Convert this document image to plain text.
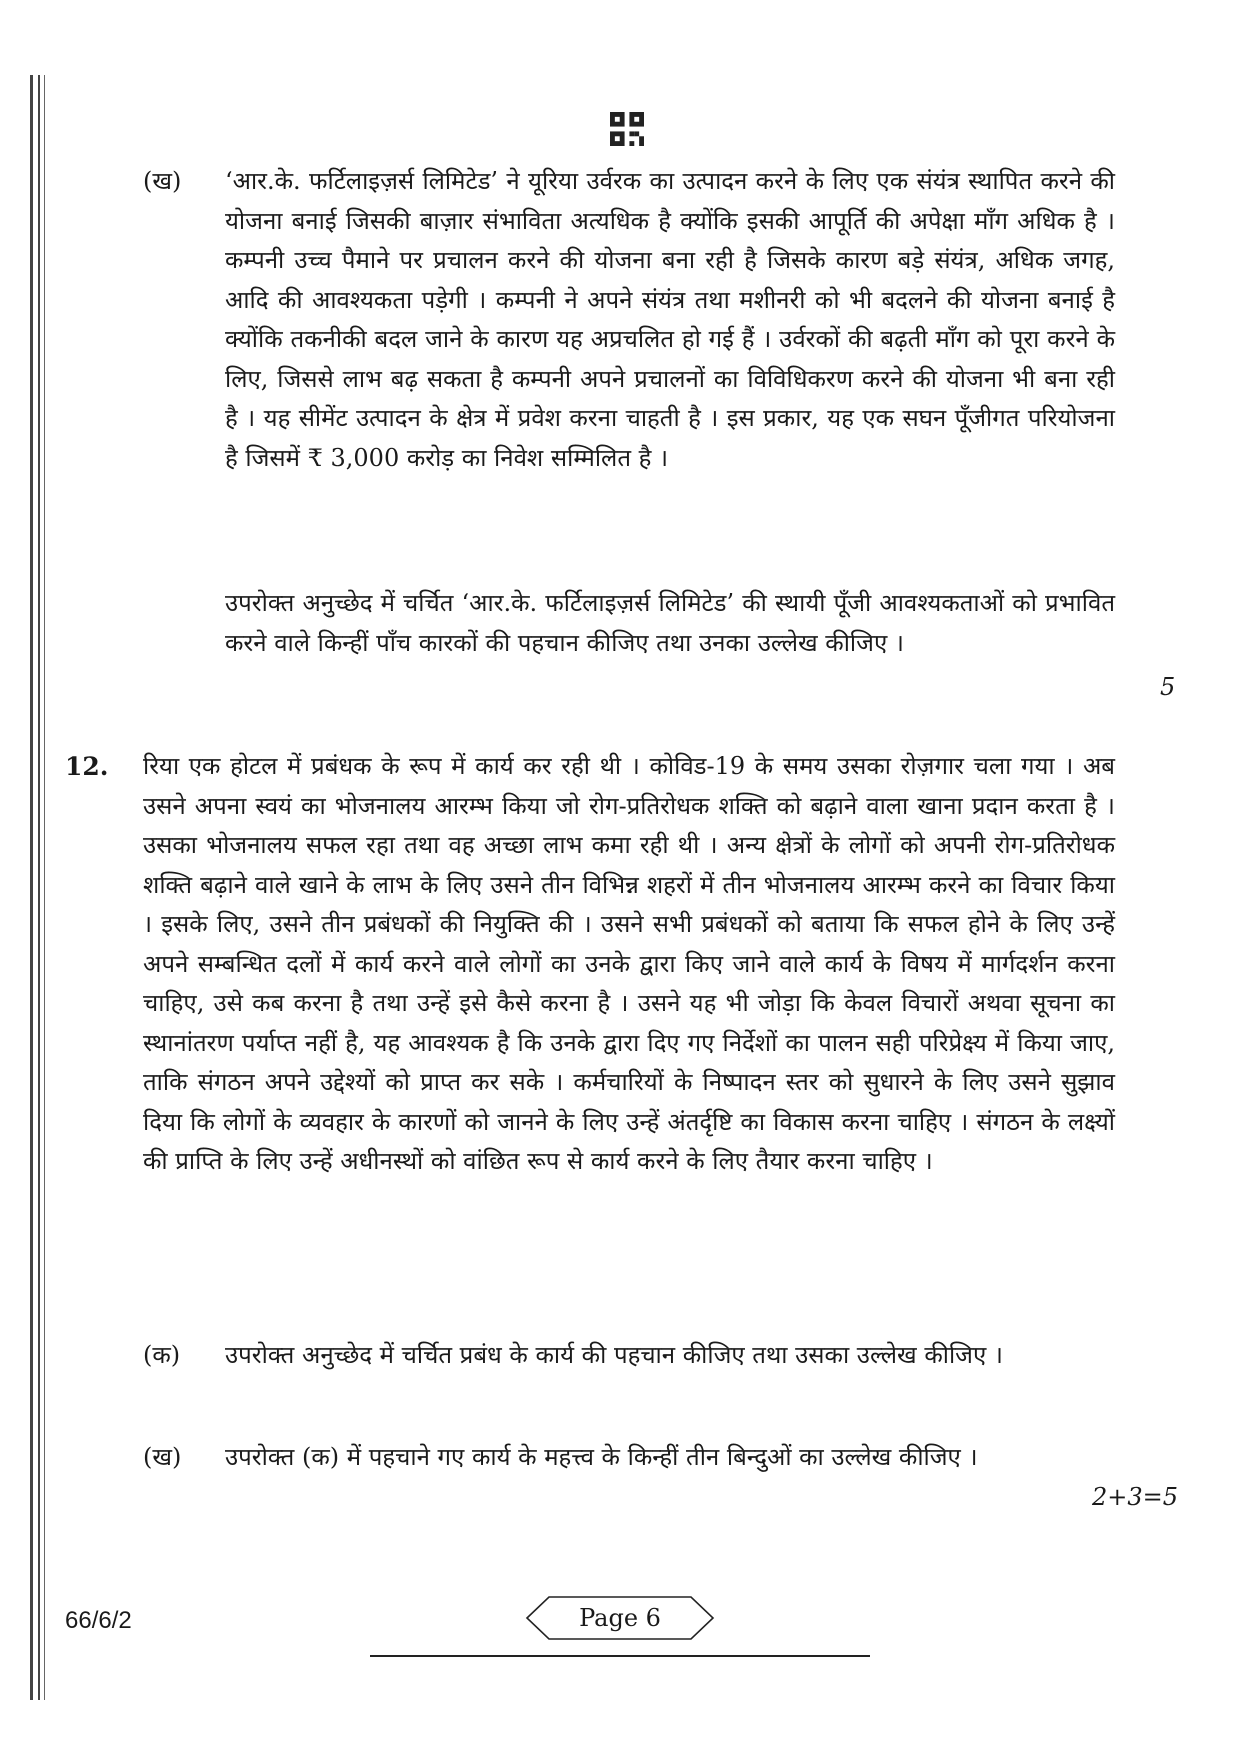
(ख) ‘आर.के. फर्टिलाइज़र्स लिमिटेड’ ने यूरिया उर्वरक का उत्पादन करने के लिए एक संयंत्र स्थापित करने की योजना बनाई जिसकी बाज़ार संभाविता अत्यधिक है क्योंकि इसकी आपूर्ति की अपेक्षा माँग अधिक है । कम्पनी उच्च पैमाने पर प्रचालन करने की योजना बना रही है जिसके कारण बड़े संयंत्र, अधिक जगह, आदि की आवश्यकता पड़ेगी । कम्पनी ने अपने संयंत्र तथा मशीनरी को भी बदलने की योजना बनाई है क्योंकि तकनीकी बदल जाने के कारण यह अप्रचलित हो गई हैं । उर्वरकों की बढ़ती माँग को पूरा करने के लिए, जिससे लाभ बढ़ सकता है कम्पनी अपने प्रचालनों का विविधिकरण करने की योजना भी बना रही है । यह सीमेंट उत्पादन के क्षेत्र में प्रवेश करना चाहती है । इस प्रकार, यह एक सघन पूँजीगत परियोजना है जिसमें ₹ 3,000 करोड़ का निवेश सम्मिलित है ।

उपरोक्त अनुच्छेद में चर्चित ‘आर.के. फर्टिलाइज़र्स लिमिटेड’ की स्थायी पूँजी आवश्यकताओं को प्रभावित करने वाले किन्हीं पाँच कारकों की पहचान कीजिए तथा उनका उल्लेख कीजिए ।

5
12. रिया एक होटल में प्रबंधक के रूप में कार्य कर रही थी । कोविड-19 के समय उसका रोज़गार चला गया । अब उसने अपना स्वयं का भोजनालय आरम्भ किया जो रोग-प्रतिरोधक शक्ति को बढ़ाने वाला खाना प्रदान करता है । उसका भोजनालय सफल रहा तथा वह अच्छा लाभ कमा रही थी । अन्य क्षेत्रों के लोगों को अपनी रोग-प्रतिरोधक शक्ति बढ़ाने वाले खाने के लाभ के लिए उसने तीन विभिन्न शहरों में तीन भोजनालय आरम्भ करने का विचार किया । इसके लिए, उसने तीन प्रबंधकों की नियुक्ति की । उसने सभी प्रबंधकों को बताया कि सफल होने के लिए उन्हें अपने सम्बन्धित दलों में कार्य करने वाले लोगों का उनके द्वारा किए जाने वाले कार्य के विषय में मार्गदर्शन करना चाहिए, उसे कब करना है तथा उन्हें इसे कैसे करना है । उसने यह भी जोड़ा कि केवल विचारों अथवा सूचना का स्थानांतरण पर्याप्त नहीं है, यह आवश्यक है कि उनके द्वारा दिए गए निर्देशों का पालन सही परिप्रेक्ष्य में किया जाए, ताकि संगठन अपने उद्देश्यों को प्राप्त कर सके । कर्मचारियों के निष्पादन स्तर को सुधारने के लिए उसने सुझाव दिया कि लोगों के व्यवहार के कारणों को जानने के लिए उन्हें अंतर्दृष्टि का विकास करना चाहिए । संगठन के लक्ष्यों की प्राप्ति के लिए उन्हें अधीनस्थों को वांछित रूप से कार्य करने के लिए तैयार करना चाहिए ।

(क) उपरोक्त अनुच्छेद में चर्चित प्रबंध के कार्य की पहचान कीजिए तथा उसका उल्लेख कीजिए ।

(ख) उपरोक्त (क) में पहचाने गए कार्य के महत्त्व के किन्हीं तीन बिन्दुओं का उल्लेख कीजिए ।

2+3=5
66/6/2	Page 6
